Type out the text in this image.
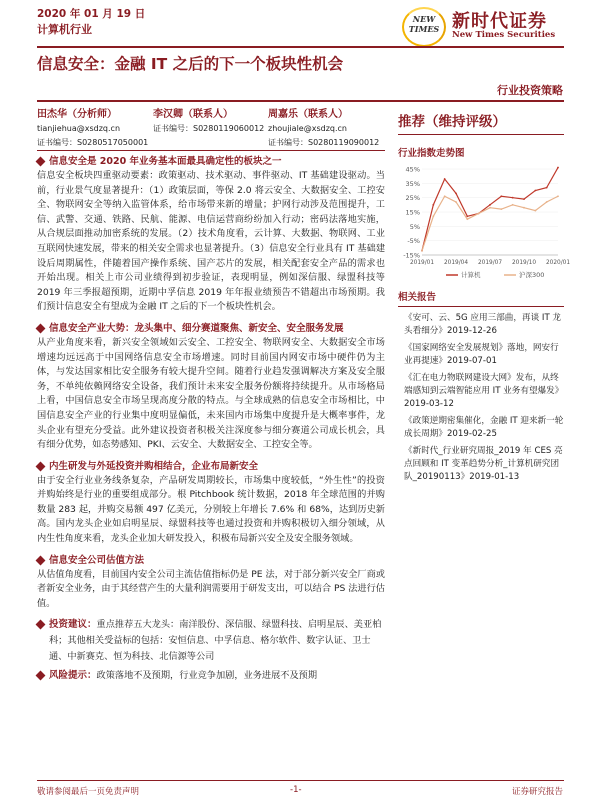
2020 年 01 月 19 日
计算机行业
NEW TIMES 新时代证券
New Times Securities
信息安全：金融 IT 之后的下一个板块性机会
行业投资策略
田杰华（分析师）
tianjiehua@xsdzq.cn
证书编号：S0280517050001
李汉卿（联系人）
证书编号：S0280119060012
周嘉乐（联系人）
zhoujiale@xsdzq.cn
证书编号：S0280119090012
信息安全是 2020 年业务基本面最具确定性的板块之一

信息安全板块四重驱动要素：政策驱动、技术驱动、事件驱动、IT 基础建设驱动。当前，行业景气度显著提升：（1）政策层面，等保 2.0 将云安全、大数据安全、工控安全、物联网安全等纳入监管体系，给市场带来新的增量；护网行动涉及范围提升，工信、武警、交通、铁路、民航、能源、电信运营商纷纷加入行动；密码法落地实施，从合规层面推动加密系统的发展。（2）技术角度看，云计算、大数据、物联网、工业互联网快速发展，带来的相关安全需求也显著提升。（3）信息安全行业具有 IT 基础建设后周期属性，伴随着国产操作系统、国产芯片的发展，相关配套安全产品的需求也开始出现。相关上市公司业绩得到初步验证，表现明显，例如深信服、绿盟科技等 2019 年三季报超预期，近期中孚信息 2019 年年报业绩预告不错超出市场预期。我们预计信息安全有望成为金融 IT 之后的下一个板块性机会。

信息安全产业大势：龙头集中、细分赛道聚焦、新安全、安全服务发展

从产业角度来看，新兴安全领域如云安全、工控安全、物联网安全、大数据安全市场增速均远远高于中国网络信息安全市场增速。同时目前国内网安市场中硬件仍为主体，与发达国家相比安全服务有较大提升空间。随着行业趋发强调解决方案及安全服务，不单纯依赖网络安全设备，我们预计未来安全服务份额将持续提升。从市场格局上看，中国信息安全市场呈现高度分散的特点。与全球成熟的信息安全市场相比，中国信息安全产业的行业集中度明显偏低，未来国内市场集中度提升是大概率事件，龙头企业有望充分受益。此外建议投资者积极关注深度参与细分赛道公司成长机会，具有细分优势，如态势感知、PKI、云安全、大数据安全、工控安全等。

内生研发与外延投资并购相结合，企业布局新安全

由于安全行业业务线条复杂，产品研发周期较长，市场集中度较低，“外生性”的投资并购始终是行业的重要组成部分。根 Pitchbook 统计数据，2018 年全球范围的并购数量 283 起，并购交易额 497 亿美元，分别较上年增长 7.6% 和 68%，达到历史新高。国内龙头企业如启明星辰、绿盟科技等也通过投资和并购积极切入细分领域，从内生性角度来看，龙头企业加大研发投入，积极布局新兴安全及安全服务领域。

信息安全公司估值方法

从估值角度看，目前国内安全公司主流估值指标仍是 PE 法，对于部分新兴安全厂商或者新安全业务，由于其经营产生的大量利润需要用于研发支出，可以结合 PS 法进行估值。

投资建议：重点推荐五大龙头：南洋股份、深信服、绿盟科技、启明星辰、美亚柏科；其他相关受益标的包括：安恒信息、中孚信息、格尔软件、数字认证、卫士通、中新赛克、恒为科技、北信源等公司
风险提示：政策落地不及预期，行业竞争加剧，业务进展不及预期
推荐（维持评级）
行业指数走势图
45%
35%
25%
15%
5%
-5%
-15%
2019/01 2019/04 2019/07 2019/10 2020/01
计算机	沪深300
相关报告
《安可、云、5G 应用三部曲，再谈 IT 龙头看细分》2019-12-26
《国家网络安全发展规划》落地，网安行业再提速》2019-07-01
《汇在电力物联网建设大网》发布，从终端感知到云端智能应用 IT 业务有望爆发》2019-03-12
《政策逆期密集催化，金融 IT 迎来新一轮成长周期》2019-02-25
《新时代_行业研究周报_2019 年 CES 亮点回顾和 IT 变革趋势分析_计算机研究团队_20190113》2019-01-13
敬请参阅最后一页免责声明	-1-	证券研究报告
